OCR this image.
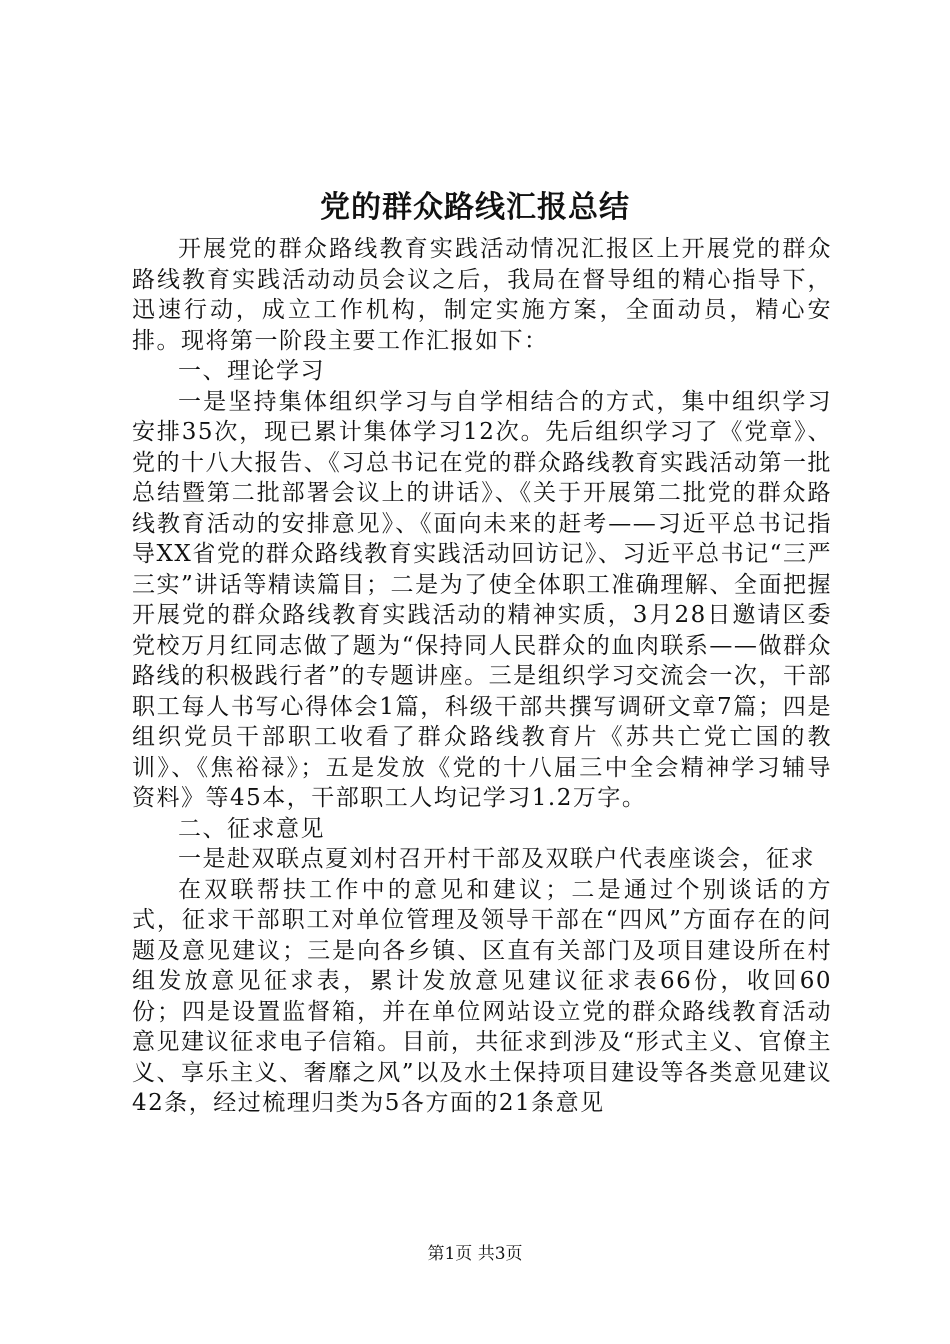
党的群众路线汇报总结

开展党的群众路线教育实践活动情况汇报区上开展党的群众路线教育实践活动动员会议之后，我局在督导组的精心指导下，迅速行动，成立工作机构，制定实施方案，全面动员，精心安排。现将第一阶段主要工作汇报如下：

一、理论学习

一是坚持集体组织学习与自学相结合的方式，集中组织学习安排35次，现已累计集体学习12次。先后组织学习了《党章》、党的十八大报告、《习总书记在党的群众路线教育实践活动第一批总结暨第二批部署会议上的讲话》、《关于开展第二批党的群众路线教育活动的安排意见》、《面向未来的赶考——习近平总书记指导XX省党的群众路线教育实践活动回访记》、习近平总书记“三严三实”讲话等精读篇目；二是为了使全体职工准确理解、全面把握开展党的群众路线教育实践活动的精神实质，3月28日邀请区委党校万月红同志做了题为“保持同人民群众的血肉联系——做群众路线的积极践行者”的专题讲座。三是组织学习交流会一次，干部职工每人书写心得体会1篇，科级干部共撰写调研文章7篇；四是组织党员干部职工收看了群众路线教育片《苏共亡党亡国的教训》、《焦裕禄》；五是发放《党的十八届三中全会精神学习辅导资料》等45本，干部职工人均记学习1.2万字。

二、征求意见

一是赴双联点夏刘村召开村干部及双联户代表座谈会，征求

在双联帮扶工作中的意见和建议；二是通过个别谈话的方式，征求干部职工对单位管理及领导干部在“四风”方面存在的问题及意见建议；三是向各乡镇、区直有关部门及项目建设所在村组发放意见征求表，累计发放意见建议征求表66份，收回60份；四是设置监督箱，并在单位网站设立党的群众路线教育活动意见建议征求电子信箱。目前，共征求到涉及“形式主义、官僚主义、享乐主义、奢靡之风”以及水土保持项目建设等各类意见建议42条，经过梳理归类为5各方面的21条意见

第1页 共3页
